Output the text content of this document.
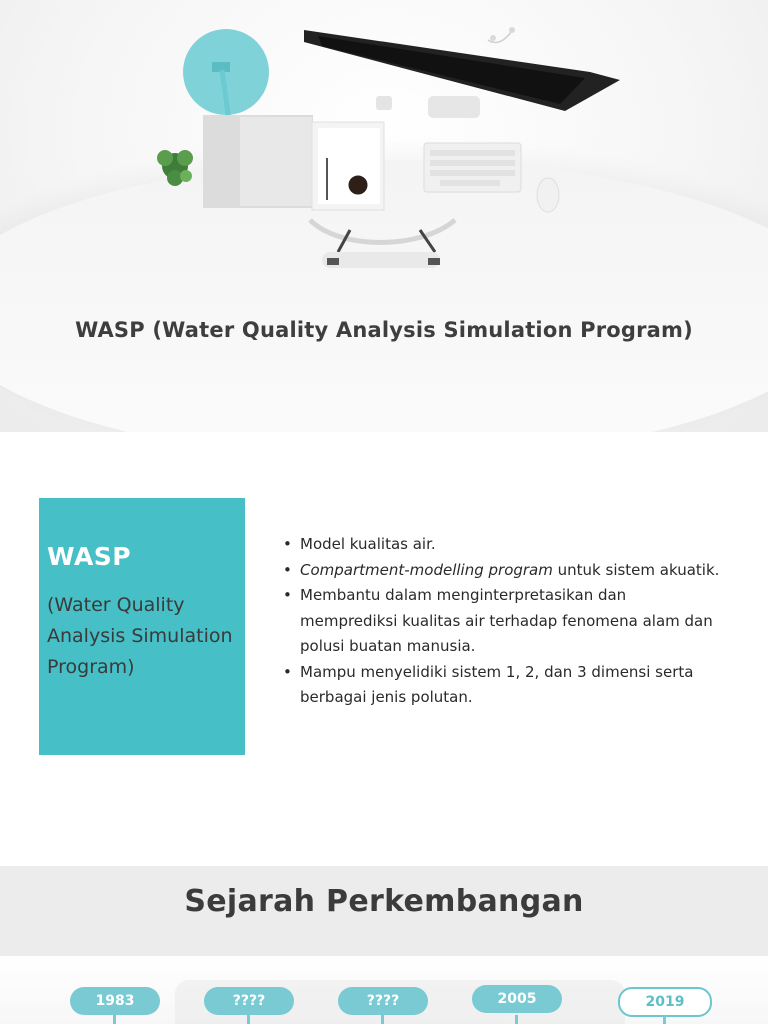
WASP (Water Quality Analysis Simulation Program)
WASP
(Water Quality Analysis Simulation Program)
• Model kualitas air.
• Compartment-modelling program untuk sistem akuatik.
• Membantu dalam menginterpretasikan dan memprediksi kualitas air terhadap fenomena alam dan polusi buatan manusia.
• Mampu menyelidiki sistem 1, 2, dan 3 dimensi serta berbagai jenis polutan.
Sejarah Perkembangan
1983	????	????	2005	2019
